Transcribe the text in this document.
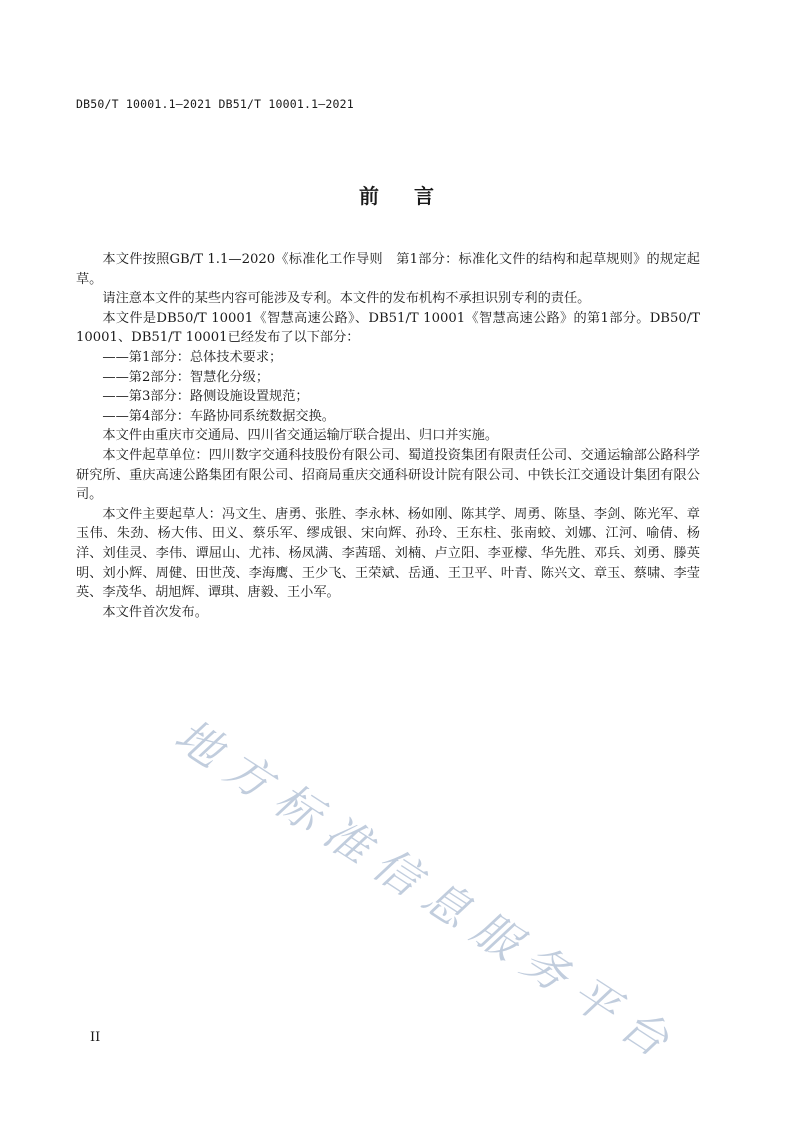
DB50/T 10001.1—2021 DB51/T 10001.1—2021
前 言

本文件按照GB/T 1.1—2020《标准化工作导则　第1部分：标准化文件的结构和起草规则》的规定起草。

请注意本文件的某些内容可能涉及专利。本文件的发布机构不承担识别专利的责任。

本文件是DB50/T 10001《智慧高速公路》、DB51/T 10001《智慧高速公路》的第1部分。DB50/T 10001、DB51/T 10001已经发布了以下部分：

——第1部分：总体技术要求；

——第2部分：智慧化分级；

——第3部分：路侧设施设置规范；

——第4部分：车路协同系统数据交换。

本文件由重庆市交通局、四川省交通运输厅联合提出、归口并实施。

本文件起草单位：四川数字交通科技股份有限公司、蜀道投资集团有限责任公司、交通运输部公路科学研究所、重庆高速公路集团有限公司、招商局重庆交通科研设计院有限公司、中铁长江交通设计集团有限公司。

本文件主要起草人：冯文生、唐勇、张胜、李永林、杨如刚、陈其学、周勇、陈垦、李剑、陈光军、章玉伟、朱劲、杨大伟、田义、蔡乐军、缪成银、宋向辉、孙玲、王东柱、张南蛟、刘娜、江河、喻倩、杨洋、刘佳灵、李伟、谭屈山、尤祎、杨凤满、李茜瑶、刘楠、卢立阳、李亚檬、华先胜、邓兵、刘勇、滕英明、刘小辉、周健、田世茂、李海鹰、王少飞、王荣斌、岳通、王卫平、叶青、陈兴文、章玉、蔡啸、李莹英、李茂华、胡旭辉、谭琪、唐毅、王小军。

本文件首次发布。

地方标准信息服务平台
II
